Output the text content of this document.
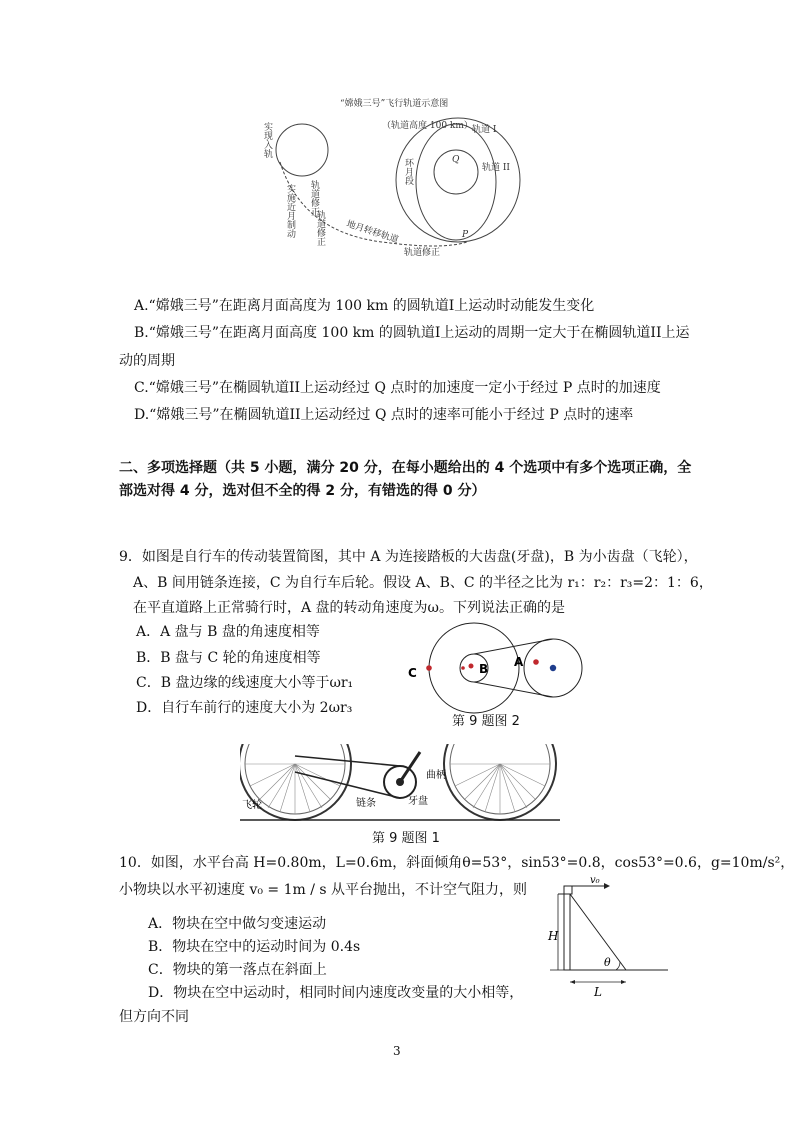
“嫦娥三号”飞行轨道示意图
（轨道高度 100 km） 轨道 I
轨道 II
Q
P
地月转移轨道
轨道修正
实现入轨
实施近月制动 轨道修正
轨道修正
环月段
A.“嫦娥三号”在距离月面高度为 100 km 的圆轨道I上运动时动能发生变化
B.“嫦娥三号”在距离月面高度 100 km 的圆轨道I上运动的周期一定大于在椭圆轨道II上运
动的周期
C.“嫦娥三号”在椭圆轨道II上运动经过 Q 点时的加速度一定小于经过 P 点时的加速度
D.“嫦娥三号”在椭圆轨道II上运动经过 Q 点时的速率可能小于经过 P 点时的速率
二、多项选择题（共 5 小题，满分 20 分，在每小题给出的 4 个选项中有多个选项正确，全
部选对得 4 分，选对但不全的得 2 分，有错选的得 0 分）
9．如图是自行车的传动装置简图，其中 A 为连接踏板的大齿盘(牙盘)，B 为小齿盘（飞轮），
A、B 间用链条连接，C 为自行车后轮。假设 A、B、C 的半径之比为 r₁：r₂：r₃=2：1：6，
在平直道路上正常骑行时，A 盘的转动角速度为ω。下列说法正确的是
A．A 盘与 B 盘的角速度相等
B．B 盘与 C 轮的角速度相等
C．B 盘边缘的线速度大小等于ωr₁
D．自行车前行的速度大小为 2ωr₃
B A
C
第 9 题图 2
飞轮	链条	牙盘
曲柄
第 9 题图 1
10．如图，水平台高 H=0.80m，L=0.6m，斜面倾角θ=53°，sin53°=0.8，cos53°=0.6，g=10m/s²，
小物块以水平初速度 v₀ = 1m / s 从平台抛出，不计空气阻力，则
A．物块在空中做匀变速运动
B．物块在空中的运动时间为 0.4s
C．物块的第一落点在斜面上
D．物块在空中运动时，相同时间内速度改变量的大小相等，
但方向不同
v₀
H
θ
L
3
